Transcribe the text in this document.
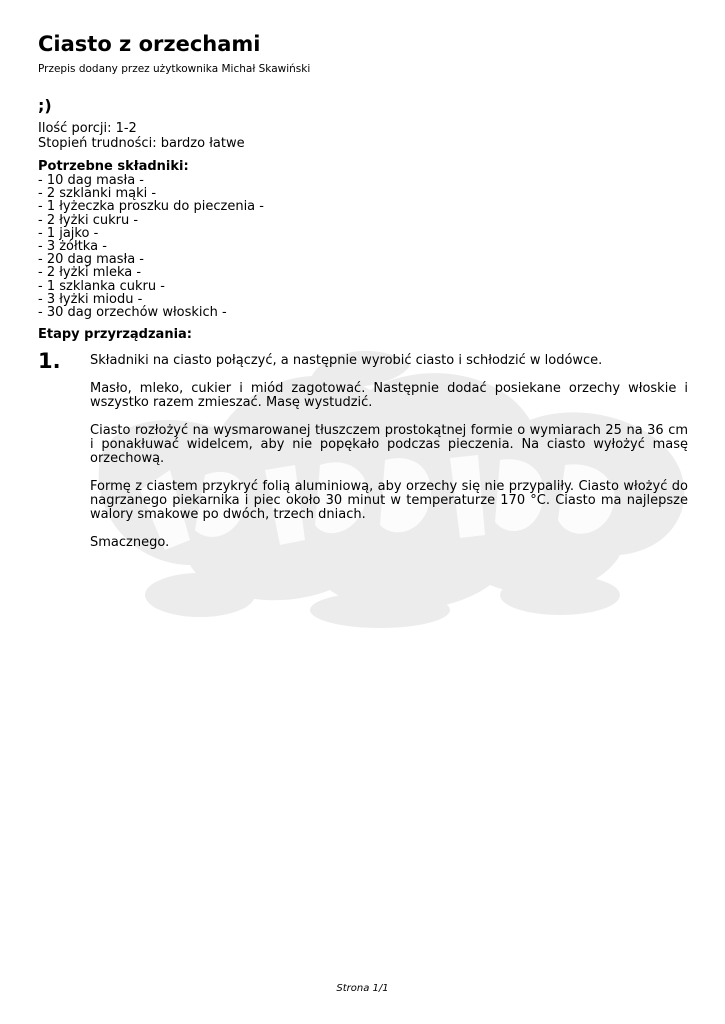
Ciasto z orzechami
Przepis dodany przez użytkownika Michał Skawiński
;)
Ilość porcji: 1-2
Stopień trudności: bardzo łatwe
Potrzebne składniki:
- 10 dag masła -
- 2 szklanki mąki -
- 1 łyżeczka proszku do pieczenia -
- 2 łyżki cukru -
- 1 jajko -
- 3 żółtka -
- 20 dag masła -
- 2 łyżki mleka -
- 1 szklanka cukru -
- 3 łyżki miodu -
- 30 dag orzechów włoskich -
Etapy przyrządzania:
1. Składniki na ciasto połączyć, a następnie wyrobić ciasto i schłodzić w lodówce.

Masło, mleko, cukier i miód zagotować. Następnie dodać posiekane orzechy włoskie i wszystko razem zmieszać. Masę wystudzić.

Ciasto rozłożyć na wysmarowanej tłuszczem prostokątnej formie o wymiarach 25 na 36 cm i ponakłuwać widelcem, aby nie popękało podczas pieczenia. Na ciasto wyłożyć masę orzechową.

Formę z ciastem przykryć folią aluminiową, aby orzechy się nie przypaliły. Ciasto włożyć do nagrzanego piekarnika i piec około 30 minut w temperaturze 170 °C. Ciasto ma najlepsze walory smakowe po dwóch, trzech dniach.

Smacznego.

Strona 1/1
